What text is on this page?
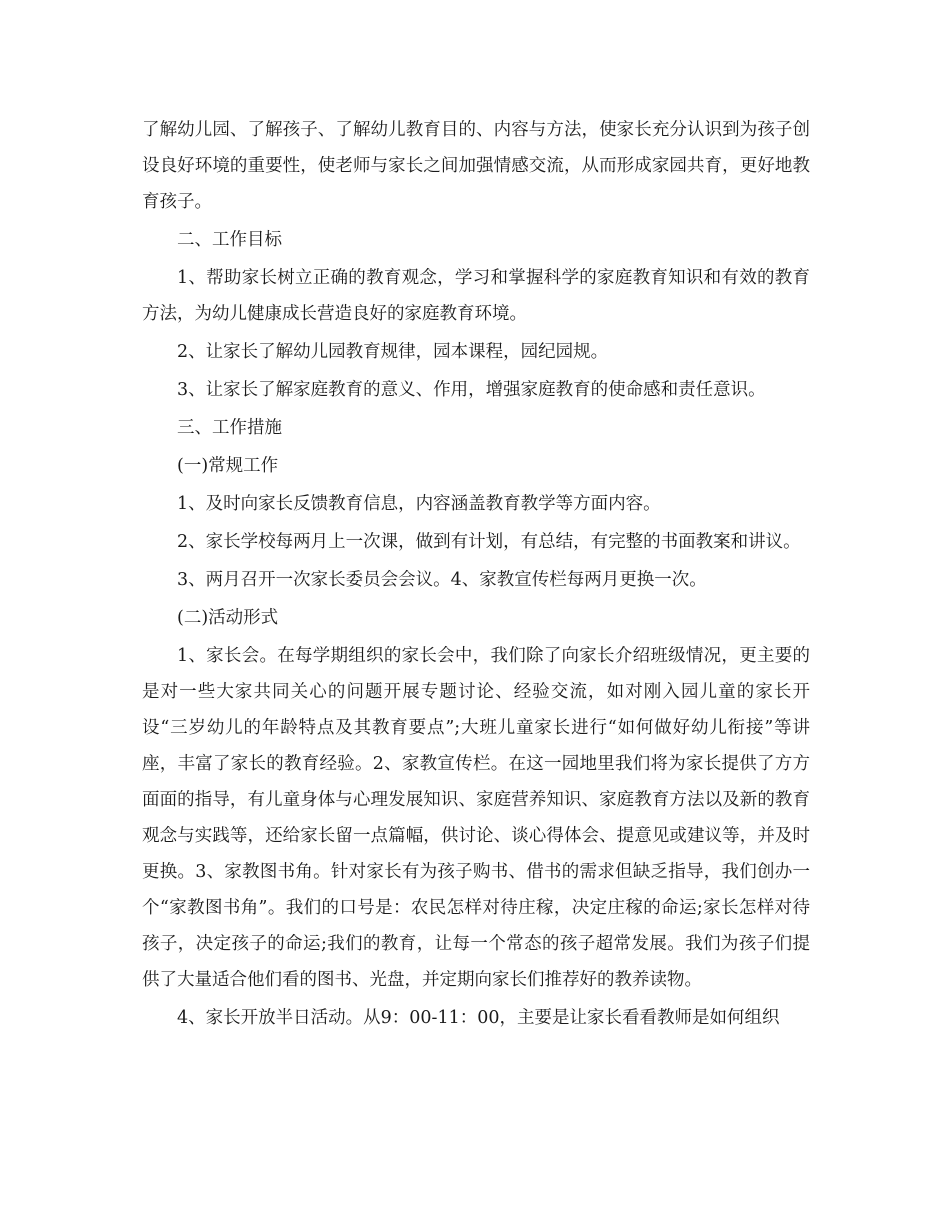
了解幼儿园、了解孩子、了解幼儿教育目的、内容与方法，使家长充分认识到为孩子创设良好环境的重要性，使老师与家长之间加强情感交流，从而形成家园共育，更好地教育孩子。

二、工作目标

1、帮助家长树立正确的教育观念，学习和掌握科学的家庭教育知识和有效的教育方法，为幼儿健康成长营造良好的家庭教育环境。

2、让家长了解幼儿园教育规律，园本课程，园纪园规。

3、让家长了解家庭教育的意义、作用，增强家庭教育的使命感和责任意识。

三、工作措施

(一)常规工作

1、及时向家长反馈教育信息，内容涵盖教育教学等方面内容。

2、家长学校每两月上一次课，做到有计划，有总结，有完整的书面教案和讲议。

3、两月召开一次家长委员会会议。4、家教宣传栏每两月更换一次。

(二)活动形式

1、家长会。在每学期组织的家长会中，我们除了向家长介绍班级情况，更主要的是对一些大家共同关心的问题开展专题讨论、经验交流，如对刚入园儿童的家长开设“三岁幼儿的年龄特点及其教育要点”;大班儿童家长进行“如何做好幼儿衔接”等讲座，丰富了家长的教育经验。2、家教宣传栏。在这一园地里我们将为家长提供了方方面面的指导，有儿童身体与心理发展知识、家庭营养知识、家庭教育方法以及新的教育观念与实践等，还给家长留一点篇幅，供讨论、谈心得体会、提意见或建议等，并及时更换。3、家教图书角。针对家长有为孩子购书、借书的需求但缺乏指导，我们创办一个“家教图书角”。我们的口号是：农民怎样对待庄稼，决定庄稼的命运;家长怎样对待孩子，决定孩子的命运;我们的教育，让每一个常态的孩子超常发展。我们为孩子们提供了大量适合他们看的图书、光盘，并定期向家长们推荐好的教养读物。

4、家长开放半日活动。从9：00-11：00，主要是让家长看看教师是如何组织
